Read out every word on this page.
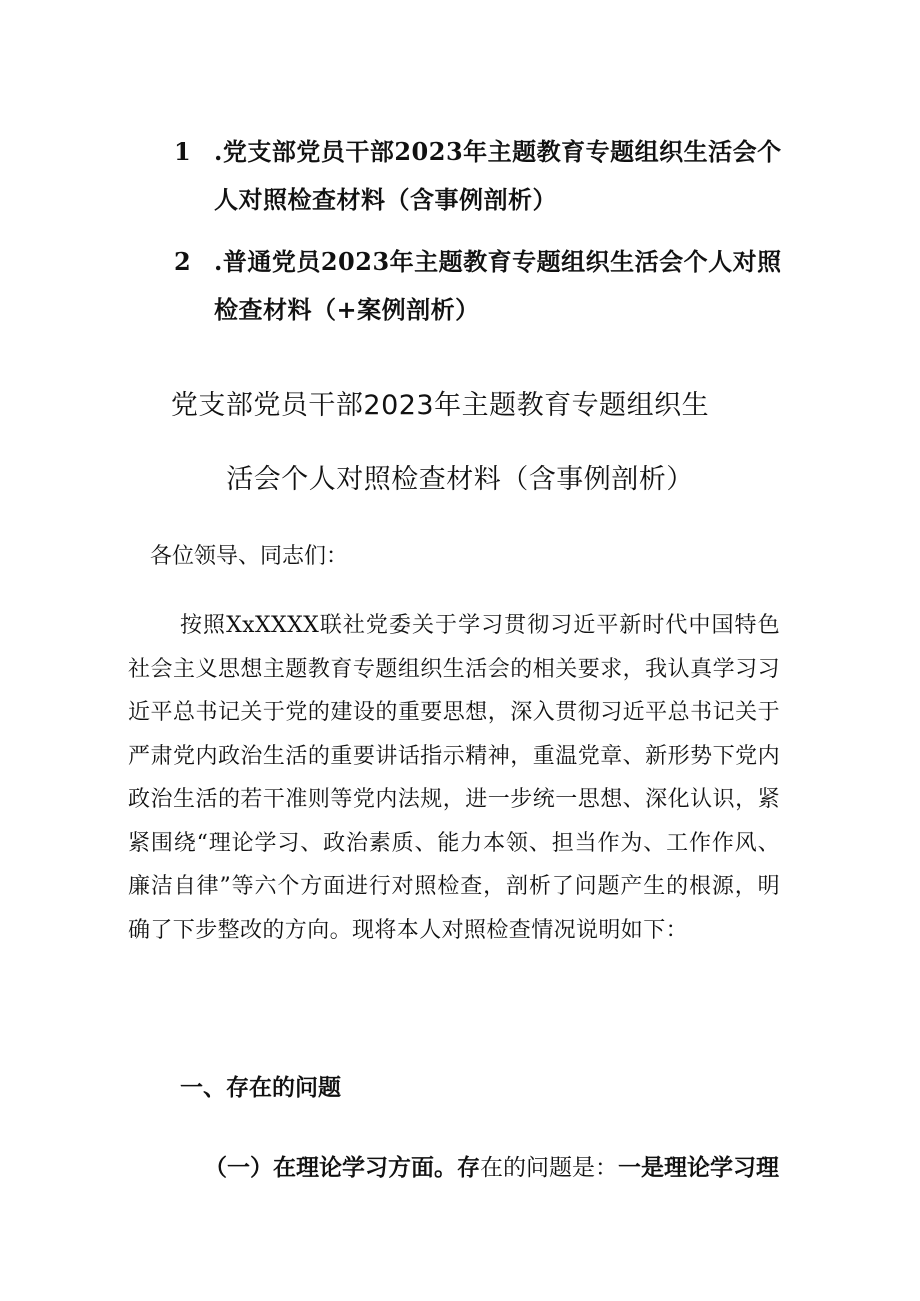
1 .党支部党员干部2023年主题教育专题组织生活会个人对照检查材料（含事例剖析）
2 .普通党员2023年主题教育专题组织生活会个人对照检查材料（+案例剖析）
党支部党员干部2023年主题教育专题组织生
活会个人对照检查材料（含事例剖析）
各位领导、同志们：
按照XxXXXX联社党委关于学习贯彻习近平新时代中国特色社会主义思想主题教育专题组织生活会的相关要求，我认真学习习近平总书记关于党的建设的重要思想，深入贯彻习近平总书记关于严肃党内政治生活的重要讲话指示精神，重温党章、新形势下党内政治生活的若干准则等党内法规，进一步统一思想、深化认识，紧紧围绕“理论学习、政治素质、能力本领、担当作为、工作作风、廉洁自律”等六个方面进行对照检查，剖析了问题产生的根源，明确了下步整改的方向。现将本人对照检查情况说明如下：
一、存在的问题
（一）在理论学习方面。存在的问题是：一是理论学习理
